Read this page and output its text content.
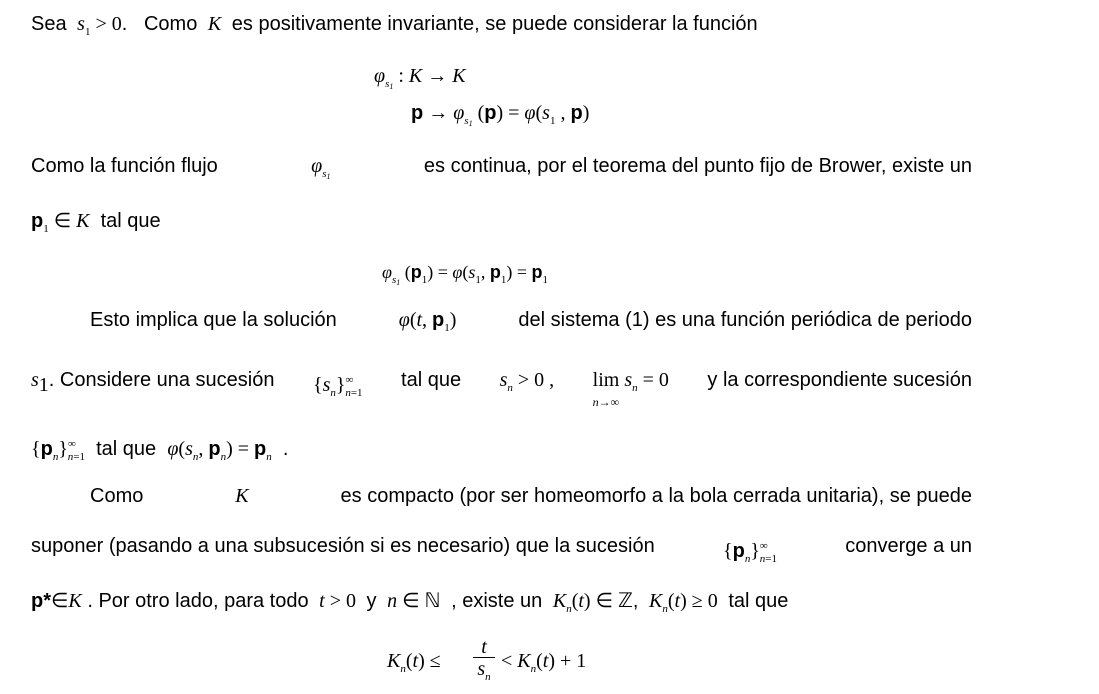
Sea $s_1 > 0$.   Como  K  es positivamente invariante, se puede considerar la función
$\varphi_{s_1}$ : K → K
$p \to \varphi_{s_1}$ $(p) = \varphi(s_1$ , p)
Como la función flujo	$\varphi_{s_1}$	es continua, por el teorema del punto fijo de Brower, existe un
$p_1$ ∈ K tal que
$\varphi_{s_1}$ $(p_1) = \varphi(s_1$, $p_1) = p_1$
Esto implica que la solución	φ(t, $p_1$)	del sistema (1) es una función periódica de periodo
$s_1$. Considere una sucesión $\{s_n\}^\infty_{n=1}$
tal que $s_n > 0$ , $\lim s_n = 0$
n→∞
y la correspondiente sucesión
$\{p_n\}^\infty_{n=1}$ tal que $\varphi(s_n$, $p_n) = p_n$ .
Como	K	es compacto (por ser homeomorfo a la bola cerrada unitaria), se puede
suponer (pasando a una subsucesión si es necesario) que la sucesión	$\{p_n\}^\infty_{n=1}$
converge a un
p*∈K . Por otro lado, para todo t > 0  y n ∈ ℕ  , existe un $K_n(t)$ ∈ ℤ, $K_n(t) \ge 0$  tal que
$K_n(t)$ ≤
t
$s_n$
< $K_n(t) + 1$
